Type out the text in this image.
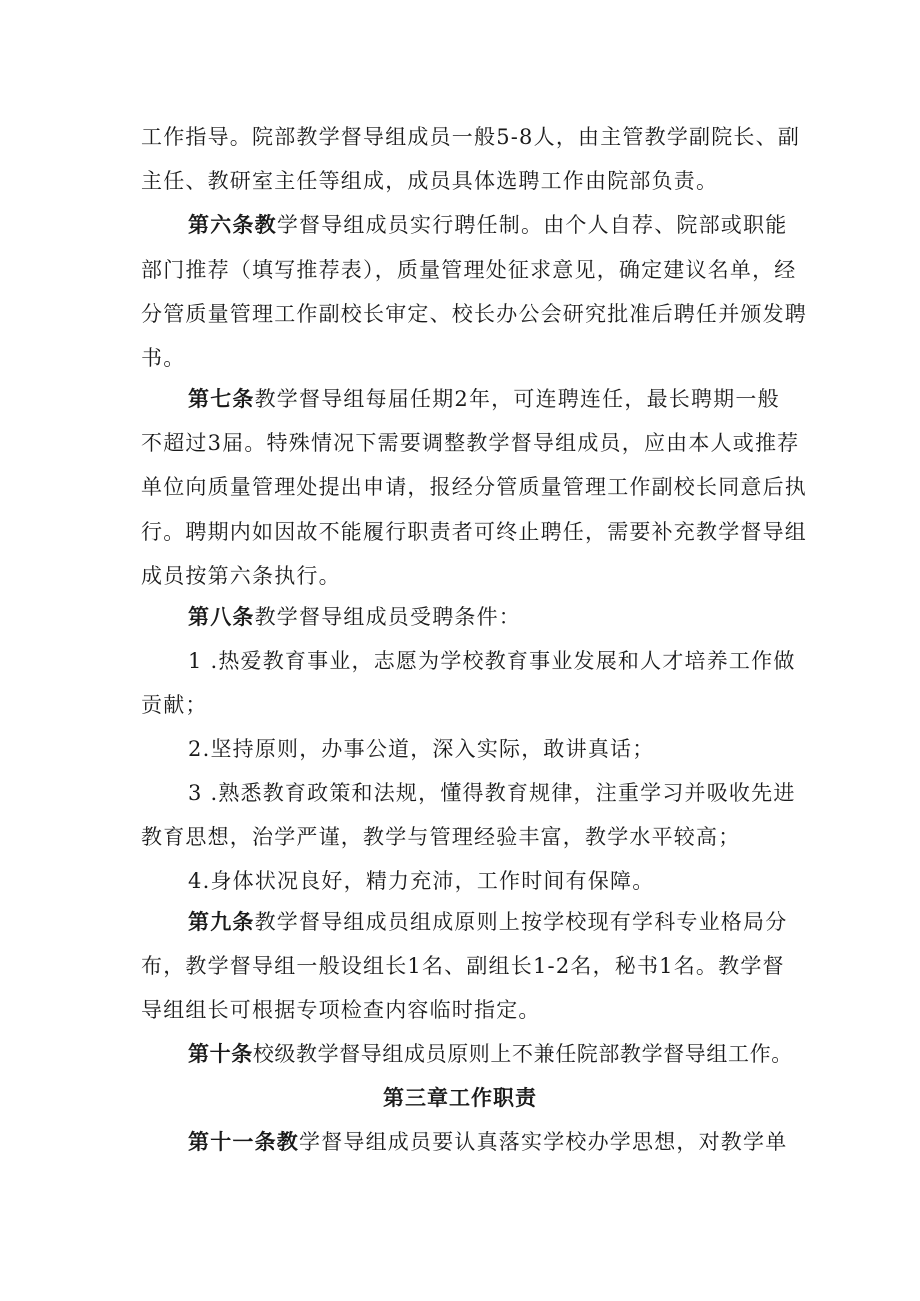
工作指导。院部教学督导组成员一般5-8人，由主管教学副院长、副
主任、教研室主任等组成，成员具体选聘工作由院部负责。
第六条教学督导组成员实行聘任制。由个人自荐、院部或职能
部门推荐（填写推荐表），质量管理处征求意见，确定建议名单，经
分管质量管理工作副校长审定、校长办公会研究批准后聘任并颁发聘
书。
第七条教学督导组每届任期2年，可连聘连任，最长聘期一般
不超过3届。特殊情况下需要调整教学督导组成员，应由本人或推荐
单位向质量管理处提出申请，报经分管质量管理工作副校长同意后执
行。聘期内如因故不能履行职责者可终止聘任，需要补充教学督导组
成员按第六条执行。
第八条教学督导组成员受聘条件：
1 .热爱教育事业，志愿为学校教育事业发展和人才培养工作做
贡献；
2.坚持原则，办事公道，深入实际，敢讲真话；
3 .熟悉教育政策和法规，懂得教育规律，注重学习并吸收先进
教育思想，治学严谨，教学与管理经验丰富，教学水平较高；
4.身体状况良好，精力充沛，工作时间有保障。
第九条教学督导组成员组成原则上按学校现有学科专业格局分
布，教学督导组一般设组长1名、副组长1-2名，秘书1名。教学督
导组组长可根据专项检查内容临时指定。
第十条校级教学督导组成员原则上不兼任院部教学督导组工作。
第三章工作职责
第十一条教学督导组成员要认真落实学校办学思想，对教学单
